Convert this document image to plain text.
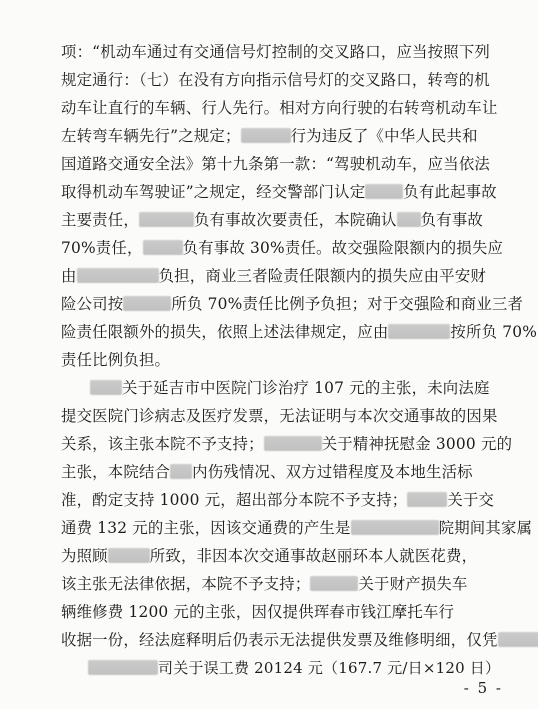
项：“机动车通过有交通信号灯控制的交叉路口，应当按照下列
规定通行：（七）在没有方向指示信号灯的交叉路口，转弯的机
动车让直行的车辆、行人先行。相对方向行驶的右转弯机动车让
左转弯车辆先行”之规定；	行为违反了《中华人民共和
国道路交通安全法》第十九条第一款：“驾驶机动车，应当依法
取得机动车驾驶证”之规定，经交警部门认定 负有此起事故
主要责任，	负有事故次要责任，本院确认 负有事故
70%责任，	负有事故 30%责任。故交强险限额内的损失应
由	负担，商业三者险责任限额内的损失应由平安财
险公司按	所负 70%责任比例予负担；对于交强险和商业三者
险责任限额外的损失，依照上述法律规定，应由	按所负 70%
责任比例负担。
关于延吉市中医院门诊治疗 107 元的主张，未向法庭
提交医院门诊病志及医疗发票，无法证明与本次交通事故的因果
关系，该主张本院不予支持；	关于精神抚慰金 3000 元的
主张，本院结合 内伤残情况、双方过错程度及本地生活标
准，酌定支持 1000 元，超出部分本院不予支持；	关于交
通费 132 元的主张，因该交通费的产生是	院期间其家属
为照顾	所致，非因本次交通事故赵丽环本人就医花费，
该主张无法律依据，本院不予支持；	关于财产损失车
辆维修费 1200 元的主张，因仅提供珲春市钱江摩托车行
收据一份，经法庭释明后仍表示无法提供发票及维修明细，仅凭
司关于误工费 20124 元（167.7 元/日×120 日）
- 5 -
